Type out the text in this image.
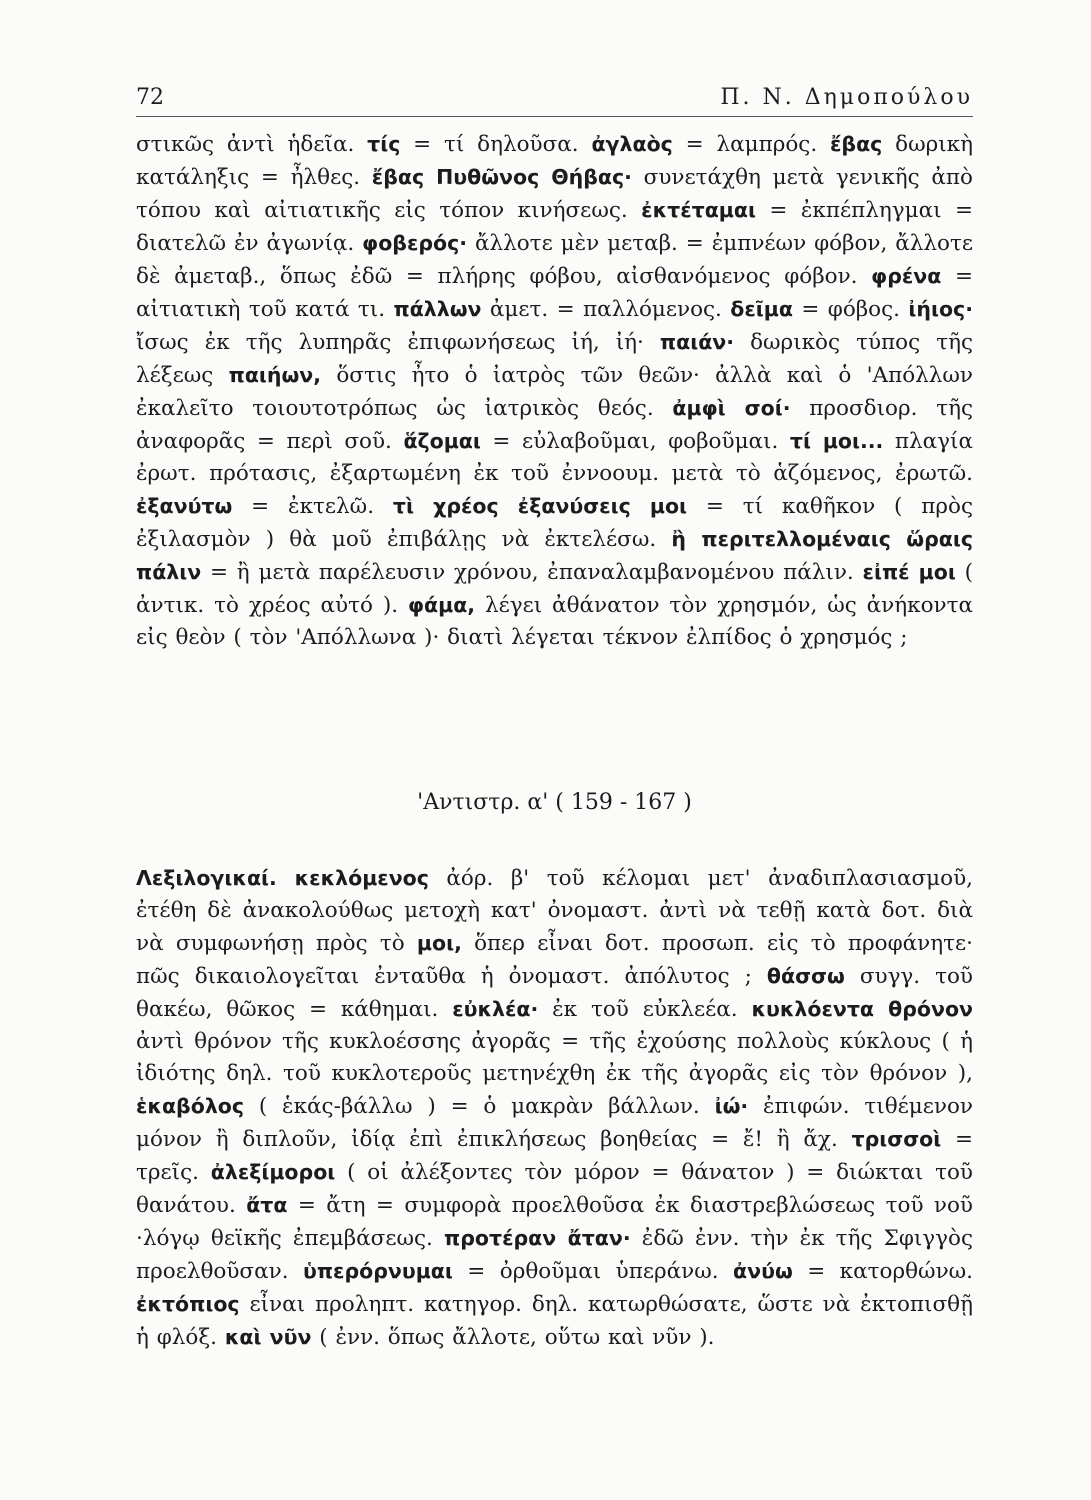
72	Π. Ν. Δημοπούλου

στικῶς ἀντὶ ἡδεῖα. τίς = τί δηλοῦσα. ἀγλαὸς = λαμπρός. ἔβας δωρικὴ κατάληξις = ἦλθες. ἔβας Πυθῶνος Θήβας· συνετάχθη μετὰ γενικῆς ἀπὸ τόπου καὶ αἰτιατικῆς εἰς τόπον κινήσεως. ἐκτέταμαι = ἐκπέπληγμαι = διατελῶ ἐν ἀγωνίᾳ. φοβερός· ἄλλοτε μὲν μεταβ. = ἐμπνέων φόβον, ἄλλοτε δὲ ἀμεταβ., ὅπως ἐδῶ = πλήρης φόβου, αἰσθανόμενος φόβον. φρένα = αἰτιατικὴ τοῦ κατά τι. πάλλων ἀμετ. = παλλόμενος. δεῖμα = φόβος. ἰήιος· ἴσως ἐκ τῆς λυπηρᾶς ἐπιφωνήσεως ἰή, ἰή· παιάν· δωρικὸς τύπος τῆς λέξεως παιήων, ὅστις ἦτο ὁ ἰατρὸς τῶν θεῶν· ἀλλὰ καὶ ὁ 'Απόλλων ἐκαλεῖτο τοιουτοτρόπως ὡς ἰατρικὸς θεός. ἀμφὶ σοί· προσδιορ. τῆς ἀναφορᾶς = περὶ σοῦ. ἅζομαι = εὐλαβοῦμαι, φοβοῦμαι. τί μοι... πλαγία ἐρωτ. πρότασις, ἐξαρτωμένη ἐκ τοῦ ἐννοουμ. μετὰ τὸ ἁζόμενος, ἐρωτῶ. ἐξανύτω = ἐκτελῶ. τὶ χρέος ἐξανύσεις μοι = τί καθῆκον ( πρὸς ἐξιλασμὸν ) θὰ μοῦ ἐπιβάλῃς νὰ ἐκτελέσω. ἢ περιτελλομέναις ὥραις πάλιν = ἢ μετὰ παρέλευσιν χρόνου, ἐπαναλαμβανομένου πάλιν. εἰπέ μοι ( ἀντικ. τὸ χρέος αὐτό ). φάμα, λέγει ἀθάνατον τὸν χρησμόν, ὡς ἀνήκοντα εἰς θεὸν ( τὸν 'Απόλλωνα )· διατὶ λέγεται τέκνον ἐλπίδος ὁ χρησμός ;

'Αντιστρ. α' ( 159 - 167 )

Λεξιλογικαί. κεκλόμενος ἀόρ. β' τοῦ κέλομαι μετ' ἀναδιπλασιασμοῦ, ἐτέθη δὲ ἀνακολούθως μετοχὴ κατ' ὀνομαστ. ἀντὶ νὰ τεθῇ κατὰ δοτ. διὰ νὰ συμφωνήσῃ πρὸς τὸ μοι, ὅπερ εἶναι δοτ. προσωπ. εἰς τὸ προφάνητε· πῶς δικαιολογεῖται ἐνταῦθα ἡ ὀνομαστ. ἀπόλυτος ; θάσσω συγγ. τοῦ θακέω, θῶκος = κάθημαι. εὐκλέα· ἐκ τοῦ εὐκλεέα. κυκλόεντα θρόνον ἀντὶ θρόνον τῆς κυκλοέσσης ἀγορᾶς = τῆς ἐχούσης πολλοὺς κύκλους ( ἡ ἰδιότης δηλ. τοῦ κυκλοτεροῦς μετηνέχθη ἐκ τῆς ἀγορᾶς εἰς τὸν θρόνον ), ἑκαβόλος ( ἑκάς-βάλλω ) = ὁ μακρὰν βάλλων. ἰώ· ἐπιφών. τιθέμενον μόνον ἢ διπλοῦν, ἰδίᾳ ἐπὶ ἐπικλήσεως βοηθείας = ἔ! ἢ ἄχ. τρισσοὶ = τρεῖς. ἀλεξίμοροι ( οἱ ἀλέξοντες τὸν μόρον = θάνατον ) = διώκται τοῦ θανάτου. ἄτα = ἄτη = συμφορὰ προελθοῦσα ἐκ διαστρεβλώσεως τοῦ νοῦ ·λόγῳ θεϊκῆς ἐπεμβάσεως. προτέραν ἄταν· ἐδῶ ἐνν. τὴν ἐκ τῆς Σφιγγὸς προελθοῦσαν. ὑπερόρνυμαι = ὀρθοῦμαι ὑπεράνω. ἀνύω = κατορθώνω. ἐκτόπιος εἶναι προληπτ. κατηγορ. δηλ. κατωρθώσατε, ὥστε νὰ ἐκτοπισθῇ ἡ φλόξ. καὶ νῦν ( ἐνν. ὅπως ἄλλοτε, οὕτω καὶ νῦν ).
